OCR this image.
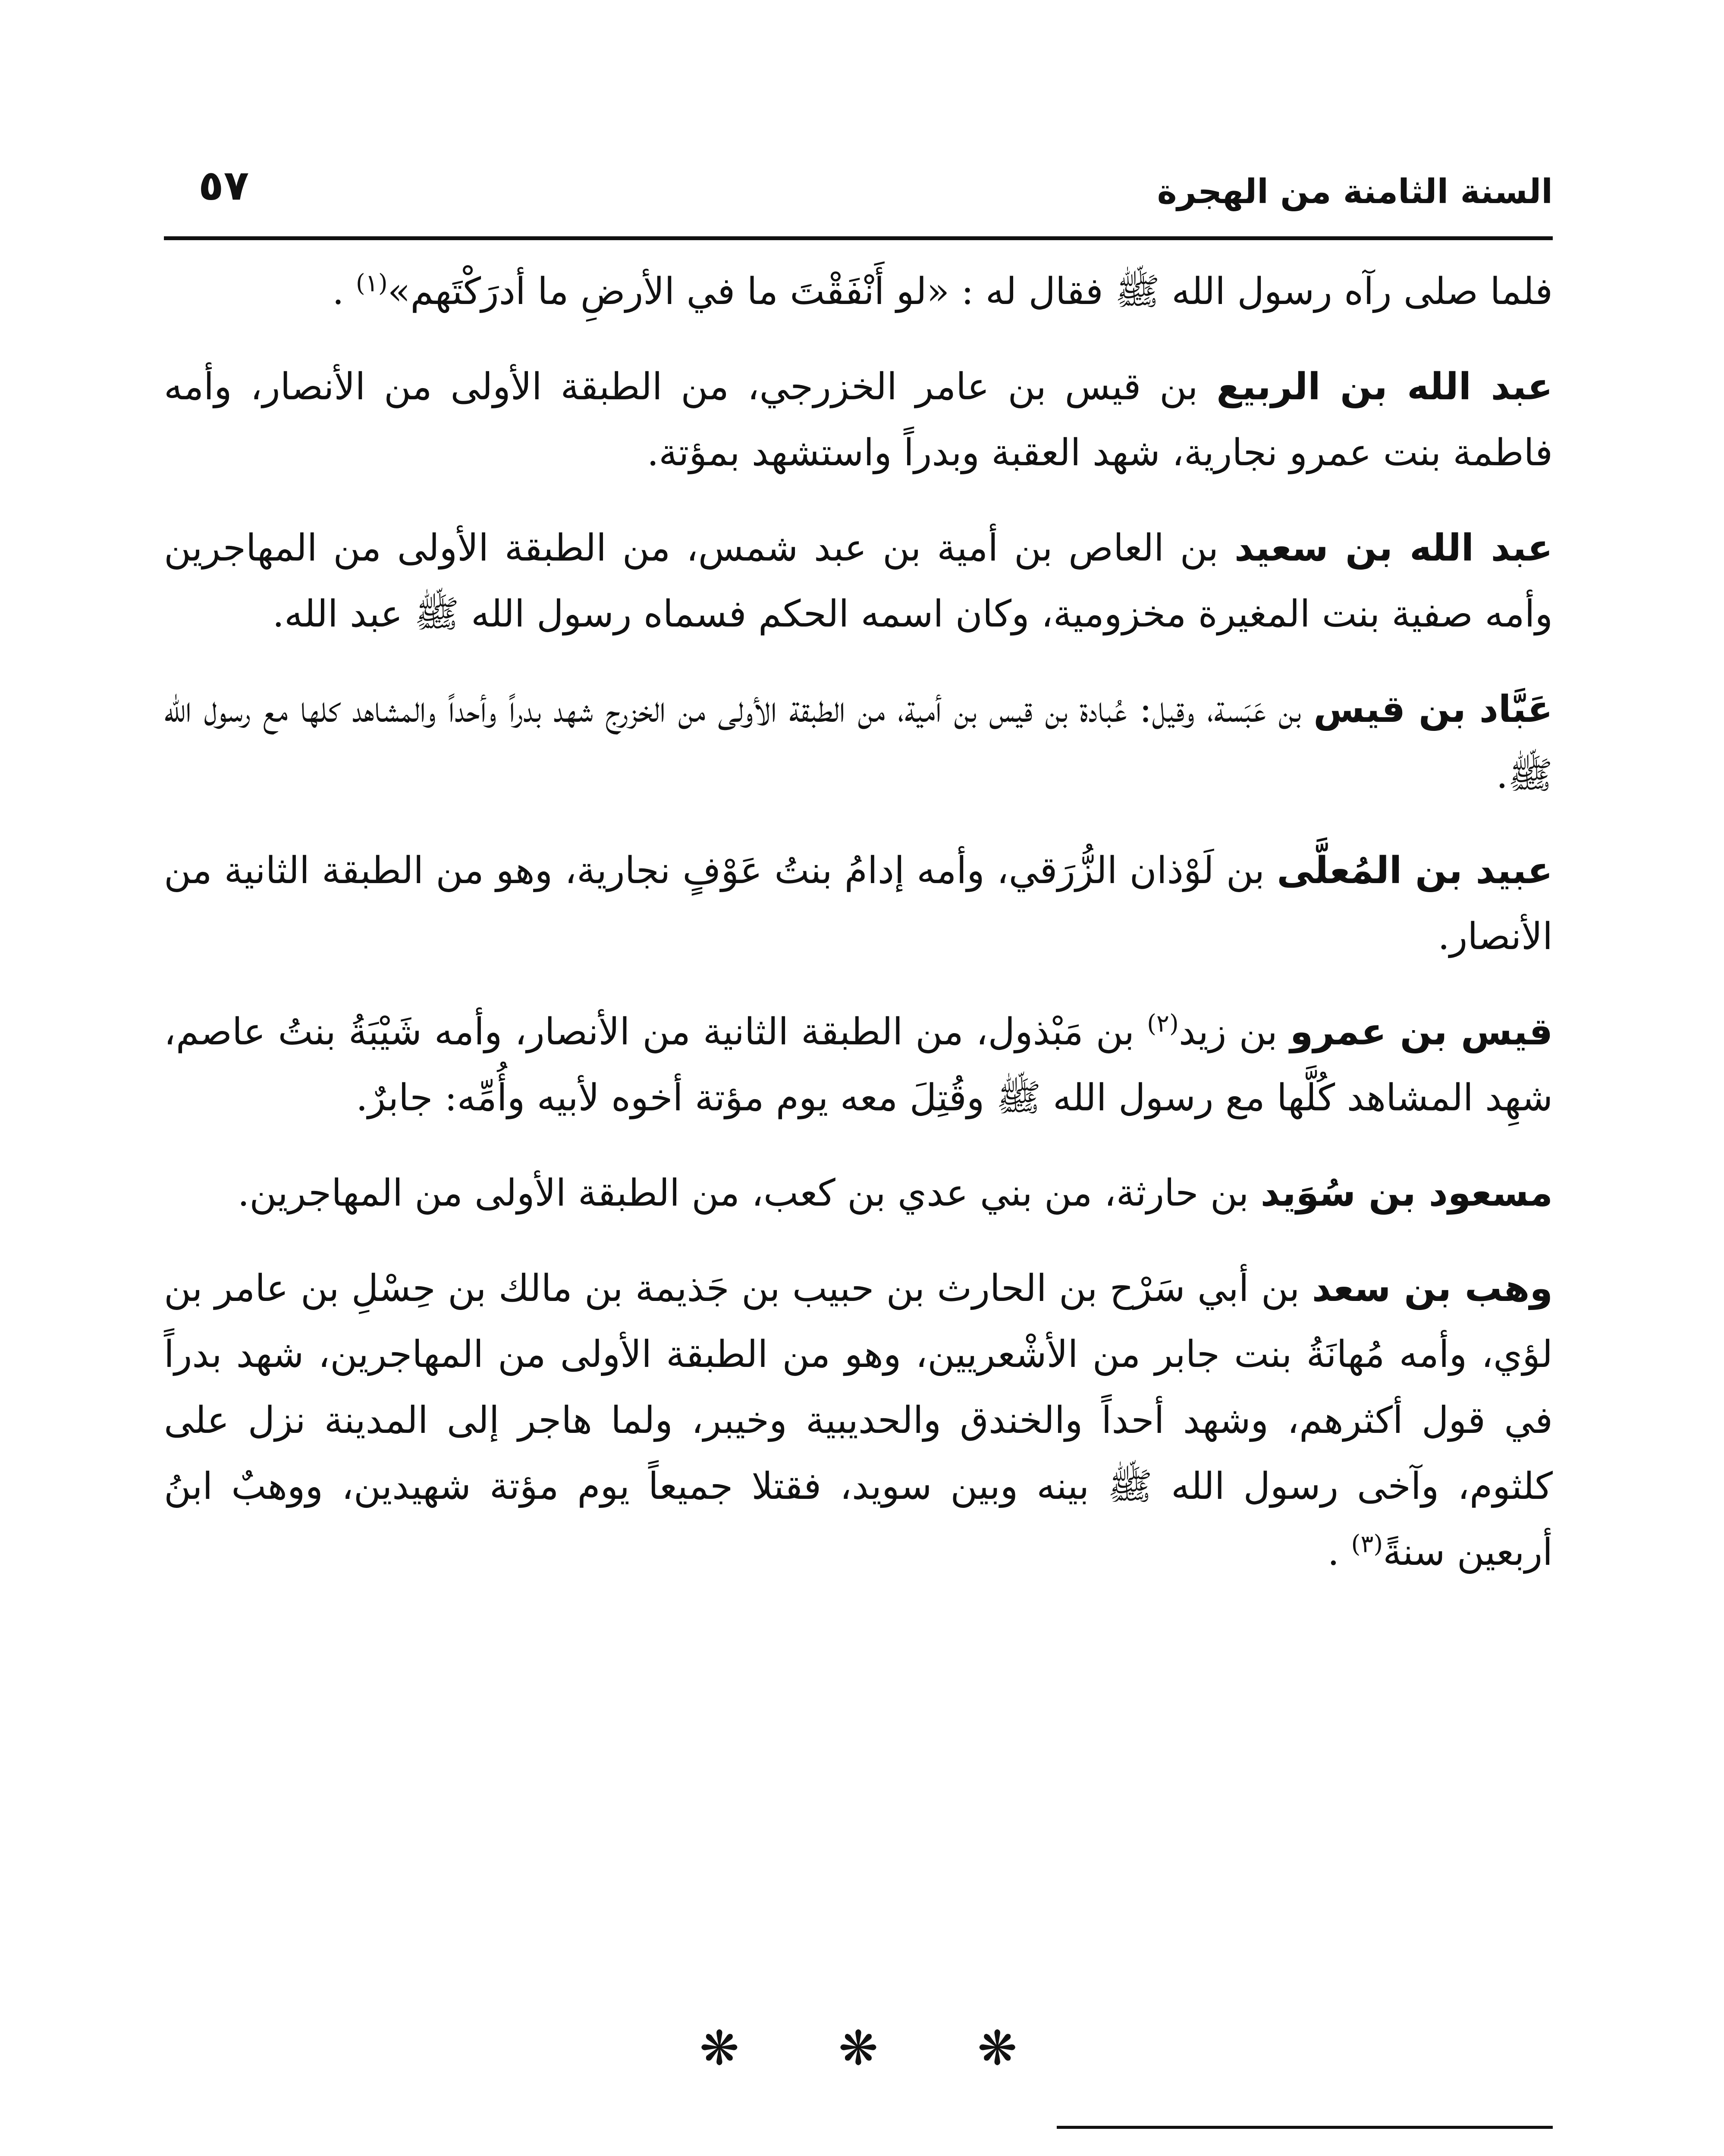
السنة الثامنة من الهجرة
٥٧

فلما صلى رآه رسول الله ﷺ فقال له : «لو أَنْفَقْتَ ما في الأرضِ ما أدرَكْتَهم»$^{(١)}$ .

عبد الله بن الربيع بن قيس بن عامر الخزرجي، من الطبقة الأولى من الأنصار، وأمه فاطمة بنت عمرو نجارية، شهد العقبة وبدراً واستشهد بمؤتة.

عبد الله بن سعيد بن العاص بن أمية بن عبد شمس، من الطبقة الأولى من المهاجرين وأمه صفية بنت المغيرة مخزومية، وكان اسمه الحكم فسماه رسول الله ﷺ عبد الله.

عَبَّاد بن قيس بن عَبَسة، وقيل: عُبادة بن قيس بن أمية، من الطبقة الأولى من الخزرج شهد بدراً وأحداً والمشاهد كلها مع رسول الله ﷺ.

عبيد بن المُعلَّى بن لَوْذان الزُّرَقي، وأمه إدامُ بنتُ عَوْفٍ نجارية، وهو من الطبقة الثانية من الأنصار.

قيس بن عمرو بن زيد$^{(٢)}$ بن مَبْذول، من الطبقة الثانية من الأنصار، وأمه شَيْبَةُ بنتُ عاصم، شهِد المشاهد كُلَّها مع رسول الله ﷺ وقُتِلَ معه يوم مؤتة أخوه لأبيه وأُمِّه: جابرٌ.

مسعود بن سُوَيد بن حارثة، من بني عدي بن كعب، من الطبقة الأولى من المهاجرين.

وهب بن سعد بن أبي سَرْح بن الحارث بن حبيب بن جَذيمة بن مالك بن حِسْلِ بن عامر بن لؤي، وأمه مُهانَةُ بنت جابر من الأشْعريين، وهو من الطبقة الأولى من المهاجرين، شهد بدراً في قول أكثرهم، وشهد أحداً والخندق والحديبية وخيبر، ولما هاجر إلى المدينة نزل على كلثوم، وآخى رسول الله ﷺ بينه وبين سويد، فقتلا جميعاً يوم مؤتة شهيدين، ووهبٌ ابنُ أربعين سنةً$^{(٣)}$ .

❋
❋
❋
